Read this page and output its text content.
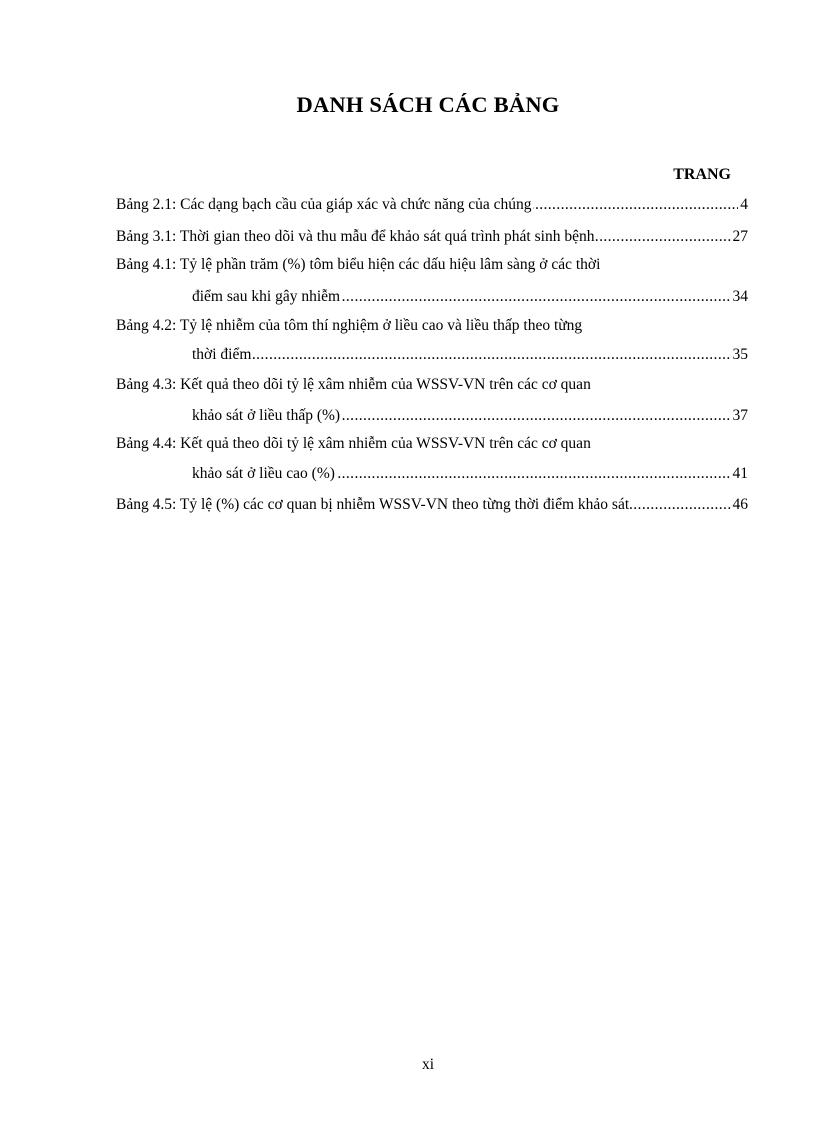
DANH SÁCH CÁC BẢNG
TRANG
.....
Bảng 2.1: Các dạng bạch cầu của giáp xác và chức năng của chúng	4
.....
Bảng 3.1: Thời gian theo dõi và thu mẫu để khảo sát quá trình phát sinh bệnh	27
Bảng 4.1: Tỷ lệ phần trăm (%) tôm biểu hiện các dấu hiệu lâm sàng ở các thời
.....
điểm sau khi gây nhiễm	34
Bảng 4.2: Tỷ lệ nhiễm của tôm thí nghiệm ở liều cao và liều thấp theo từng
.....
thời điểm	35
Bảng 4.3: Kết quả theo dõi tỷ lệ xâm nhiễm của WSSV-VN trên các cơ quan
.....
khảo sát ở liều thấp (%)	37
Bảng 4.4: Kết quả theo dõi tỷ lệ xâm nhiễm của WSSV-VN trên các cơ quan
.....
khảo sát ở liều cao (%)	41
.....
Bảng 4.5: Tỷ lệ (%) các cơ quan bị nhiễm WSSV-VN theo từng thời điểm khảo sát	46
xi
